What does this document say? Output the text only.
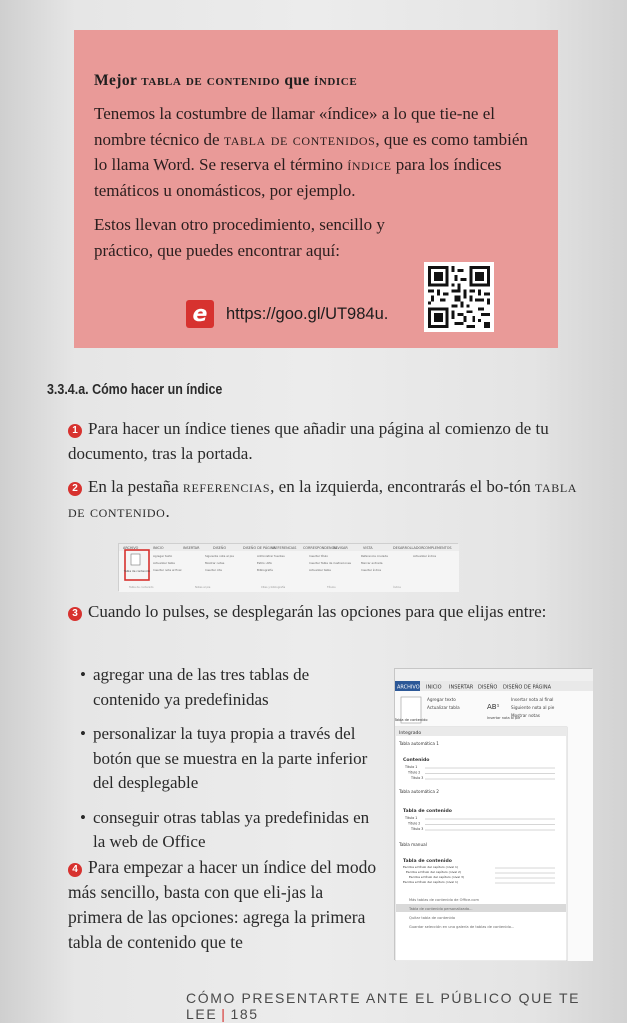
Mejor tabla de contenido que índice

Tenemos la costumbre de llamar «índice» a lo que tie-ne el nombre técnico de tabla de contenidos, que es como también lo llama Word. Se reserva el término índice para los índices temáticos u onomásticos, por ejemplo.

Estos llevan otro procedimiento, sencillo y práctico, que puedes encontrar aquí:

e	https://goo.gl/UT984u.
3.3.4.a. Cómo hacer un índice
1 Para hacer un índice tienes que añadir una página al comienzo de tu documento, tras la portada.
2 En la pestaña referencias, en la izquierda, encontrarás el bo-tón tabla de contenido.
ARCHIVO	INICIO	INSERTAR	DISEÑO	DISEÑO DE PÁGINA
REFERENCIAS CORRESPONDENCIA
REVISAR	VISTA	DESARROLLADOR COMPLEMENTOS
Tabla de contenido
Agregar texto
Actualizar tabla
Insertar nota al final
Siguiente nota al pie
Mostrar notas
Insertar cita
Administrar fuentes
Estilo: APA
Bibliografía
Insertar título
Insertar Tabla de ilustraciones
Actualizar tabla
Referencia cruzada
Marcar entrada
Insertar índice
Actualizar índice
Tabla de contenido	Notas al pie	Citas y bibliografía	Títulos	Índice
3 Cuando lo pulses, se desplegarán las opciones para que elijas entre:
• agregar una de las tres tablas de contenido ya predefinidas
• personalizar la tuya propia a través del botón que se muestra en la parte inferior del desplegable
• conseguir otras tablas ya predefinidas en la web de Office
4 Para empezar a hacer un índice del modo más sencillo, basta con que eli-jas la primera de las opciones: agrega la primera tabla de contenido que te
ARCHIVO INICIO INSERTAR DISEÑO DISEÑO DE PÁGINA
Tabla de contenido
Agregar texto
Actualizar tabla
Insertar nota al final
Siguiente nota al pie
Mostrar notas
AB¹
Insertar nota al pie
Integrado
Tabla automática 1
Contenido
Título 1
Título 2
Título 3
Tabla automática 2
Tabla de contenido
Título 1
Título 2
Título 3
Tabla manual
Tabla de contenido
Escriba el título del capítulo (nivel 1)
Escriba el título del capítulo (nivel 2)
Escriba el título del capítulo (nivel 3)
Escriba el título del capítulo (nivel 1)
Más tablas de contenido de Office.com
Tabla de contenido personalizada...
Quitar tabla de contenido
Guardar selección en una galería de tablas de contenido...
CÓMO PRESENTARTE ANTE EL PÚBLICO QUE TE LEE | 185
